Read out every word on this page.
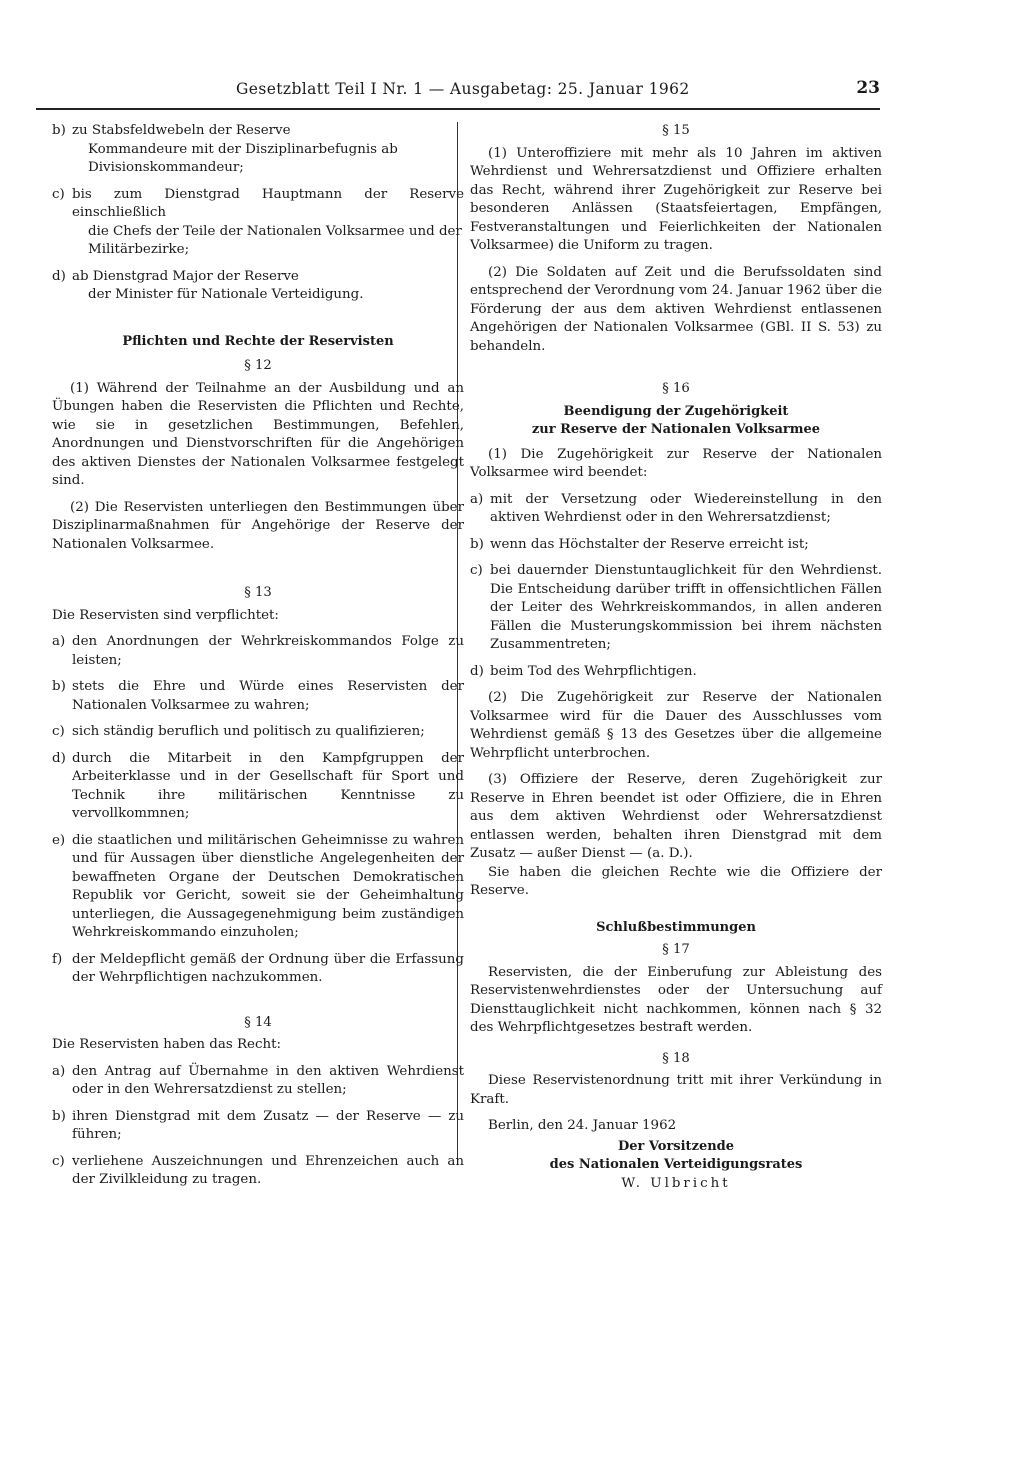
Gesetzblatt Teil I Nr. 1 — Ausgabetag: 25. Januar 1962	23
b) zu Stabsfeldwebeln der Reserve
Kommandeure mit der Disziplinarbefugnis ab Divisionskommandeur;
c) bis zum Dienstgrad Hauptmann der Reserve einschließlich
die Chefs der Teile der Nationalen Volksarmee und der Militärbezirke;
d) ab Dienstgrad Major der Reserve
der Minister für Nationale Verteidigung.
Pflichten und Rechte der Reservisten
§ 12
(1) Während der Teilnahme an der Ausbildung und an Übungen haben die Reservisten die Pflichten und Rechte, wie sie in gesetzlichen Bestimmungen, Befehlen, Anordnungen und Dienstvorschriften für die Angehörigen des aktiven Dienstes der Nationalen Volksarmee festgelegt sind.
(2) Die Reservisten unterliegen den Bestimmungen über Disziplinarmaßnahmen für Angehörige der Reserve der Nationalen Volksarmee.
§ 13
Die Reservisten sind verpflichtet:
a) den Anordnungen der Wehrkreiskommandos Folge zu leisten;
b) stets die Ehre und Würde eines Reservisten der Nationalen Volksarmee zu wahren;
c) sich ständig beruflich und politisch zu qualifizieren;
d) durch die Mitarbeit in den Kampfgruppen der Arbeiterklasse und in der Gesellschaft für Sport und Technik ihre militärischen Kenntnisse zu vervollkommnen;
e) die staatlichen und militärischen Geheimnisse zu wahren und für Aussagen über dienstliche Angelegenheiten der bewaffneten Organe der Deutschen Demokratischen Republik vor Gericht, soweit sie der Geheimhaltung unterliegen, die Aussagegenehmigung beim zuständigen Wehrkreiskommando einzuholen;
f) der Meldepflicht gemäß der Ordnung über die Erfassung der Wehrpflichtigen nachzukommen.
§ 14
Die Reservisten haben das Recht:
a) den Antrag auf Übernahme in den aktiven Wehrdienst oder in den Wehrersatzdienst zu stellen;
b) ihren Dienstgrad mit dem Zusatz — der Reserve — zu führen;
c) verliehene Auszeichnungen und Ehrenzeichen auch an der Zivilkleidung zu tragen.
§ 15
(1) Unteroffiziere mit mehr als 10 Jahren im aktiven Wehrdienst und Wehrersatzdienst und Offiziere erhalten das Recht, während ihrer Zugehörigkeit zur Reserve bei besonderen Anlässen (Staatsfeiertagen, Empfängen, Festveranstaltungen und Feierlichkeiten der Nationalen Volksarmee) die Uniform zu tragen.
(2) Die Soldaten auf Zeit und die Berufssoldaten sind entsprechend der Verordnung vom 24. Januar 1962 über die Förderung der aus dem aktiven Wehrdienst entlassenen Angehörigen der Nationalen Volksarmee (GBl. II S. 53) zu behandeln.
§ 16
Beendigung der Zugehörigkeit
zur Reserve der Nationalen Volksarmee
(1) Die Zugehörigkeit zur Reserve der Nationalen Volksarmee wird beendet:
a) mit der Versetzung oder Wiedereinstellung in den aktiven Wehrdienst oder in den Wehrersatzdienst;
b) wenn das Höchstalter der Reserve erreicht ist;
c) bei dauernder Dienstuntauglichkeit für den Wehrdienst. Die Entscheidung darüber trifft in offensichtlichen Fällen der Leiter des Wehrkreiskommandos, in allen anderen Fällen die Musterungskommission bei ihrem nächsten Zusammentreten;
d) beim Tod des Wehrpflichtigen.
(2) Die Zugehörigkeit zur Reserve der Nationalen Volksarmee wird für die Dauer des Ausschlusses vom Wehrdienst gemäß § 13 des Gesetzes über die allgemeine Wehrpflicht unterbrochen.
(3) Offiziere der Reserve, deren Zugehörigkeit zur Reserve in Ehren beendet ist oder Offiziere, die in Ehren aus dem aktiven Wehrdienst oder Wehrersatzdienst entlassen werden, behalten ihren Dienstgrad mit dem Zusatz — außer Dienst — (a. D.).
Sie haben die gleichen Rechte wie die Offiziere der Reserve.
Schlußbestimmungen
§ 17
Reservisten, die der Einberufung zur Ableistung des Reservistenwehrdienstes oder der Untersuchung auf Diensttauglichkeit nicht nachkommen, können nach § 32 des Wehrpflichtgesetzes bestraft werden.
§ 18
Diese Reservistenordnung tritt mit ihrer Verkündung in Kraft.
Berlin, den 24. Januar 1962
Der Vorsitzende
des Nationalen Verteidigungsrates
W. Ulbricht
